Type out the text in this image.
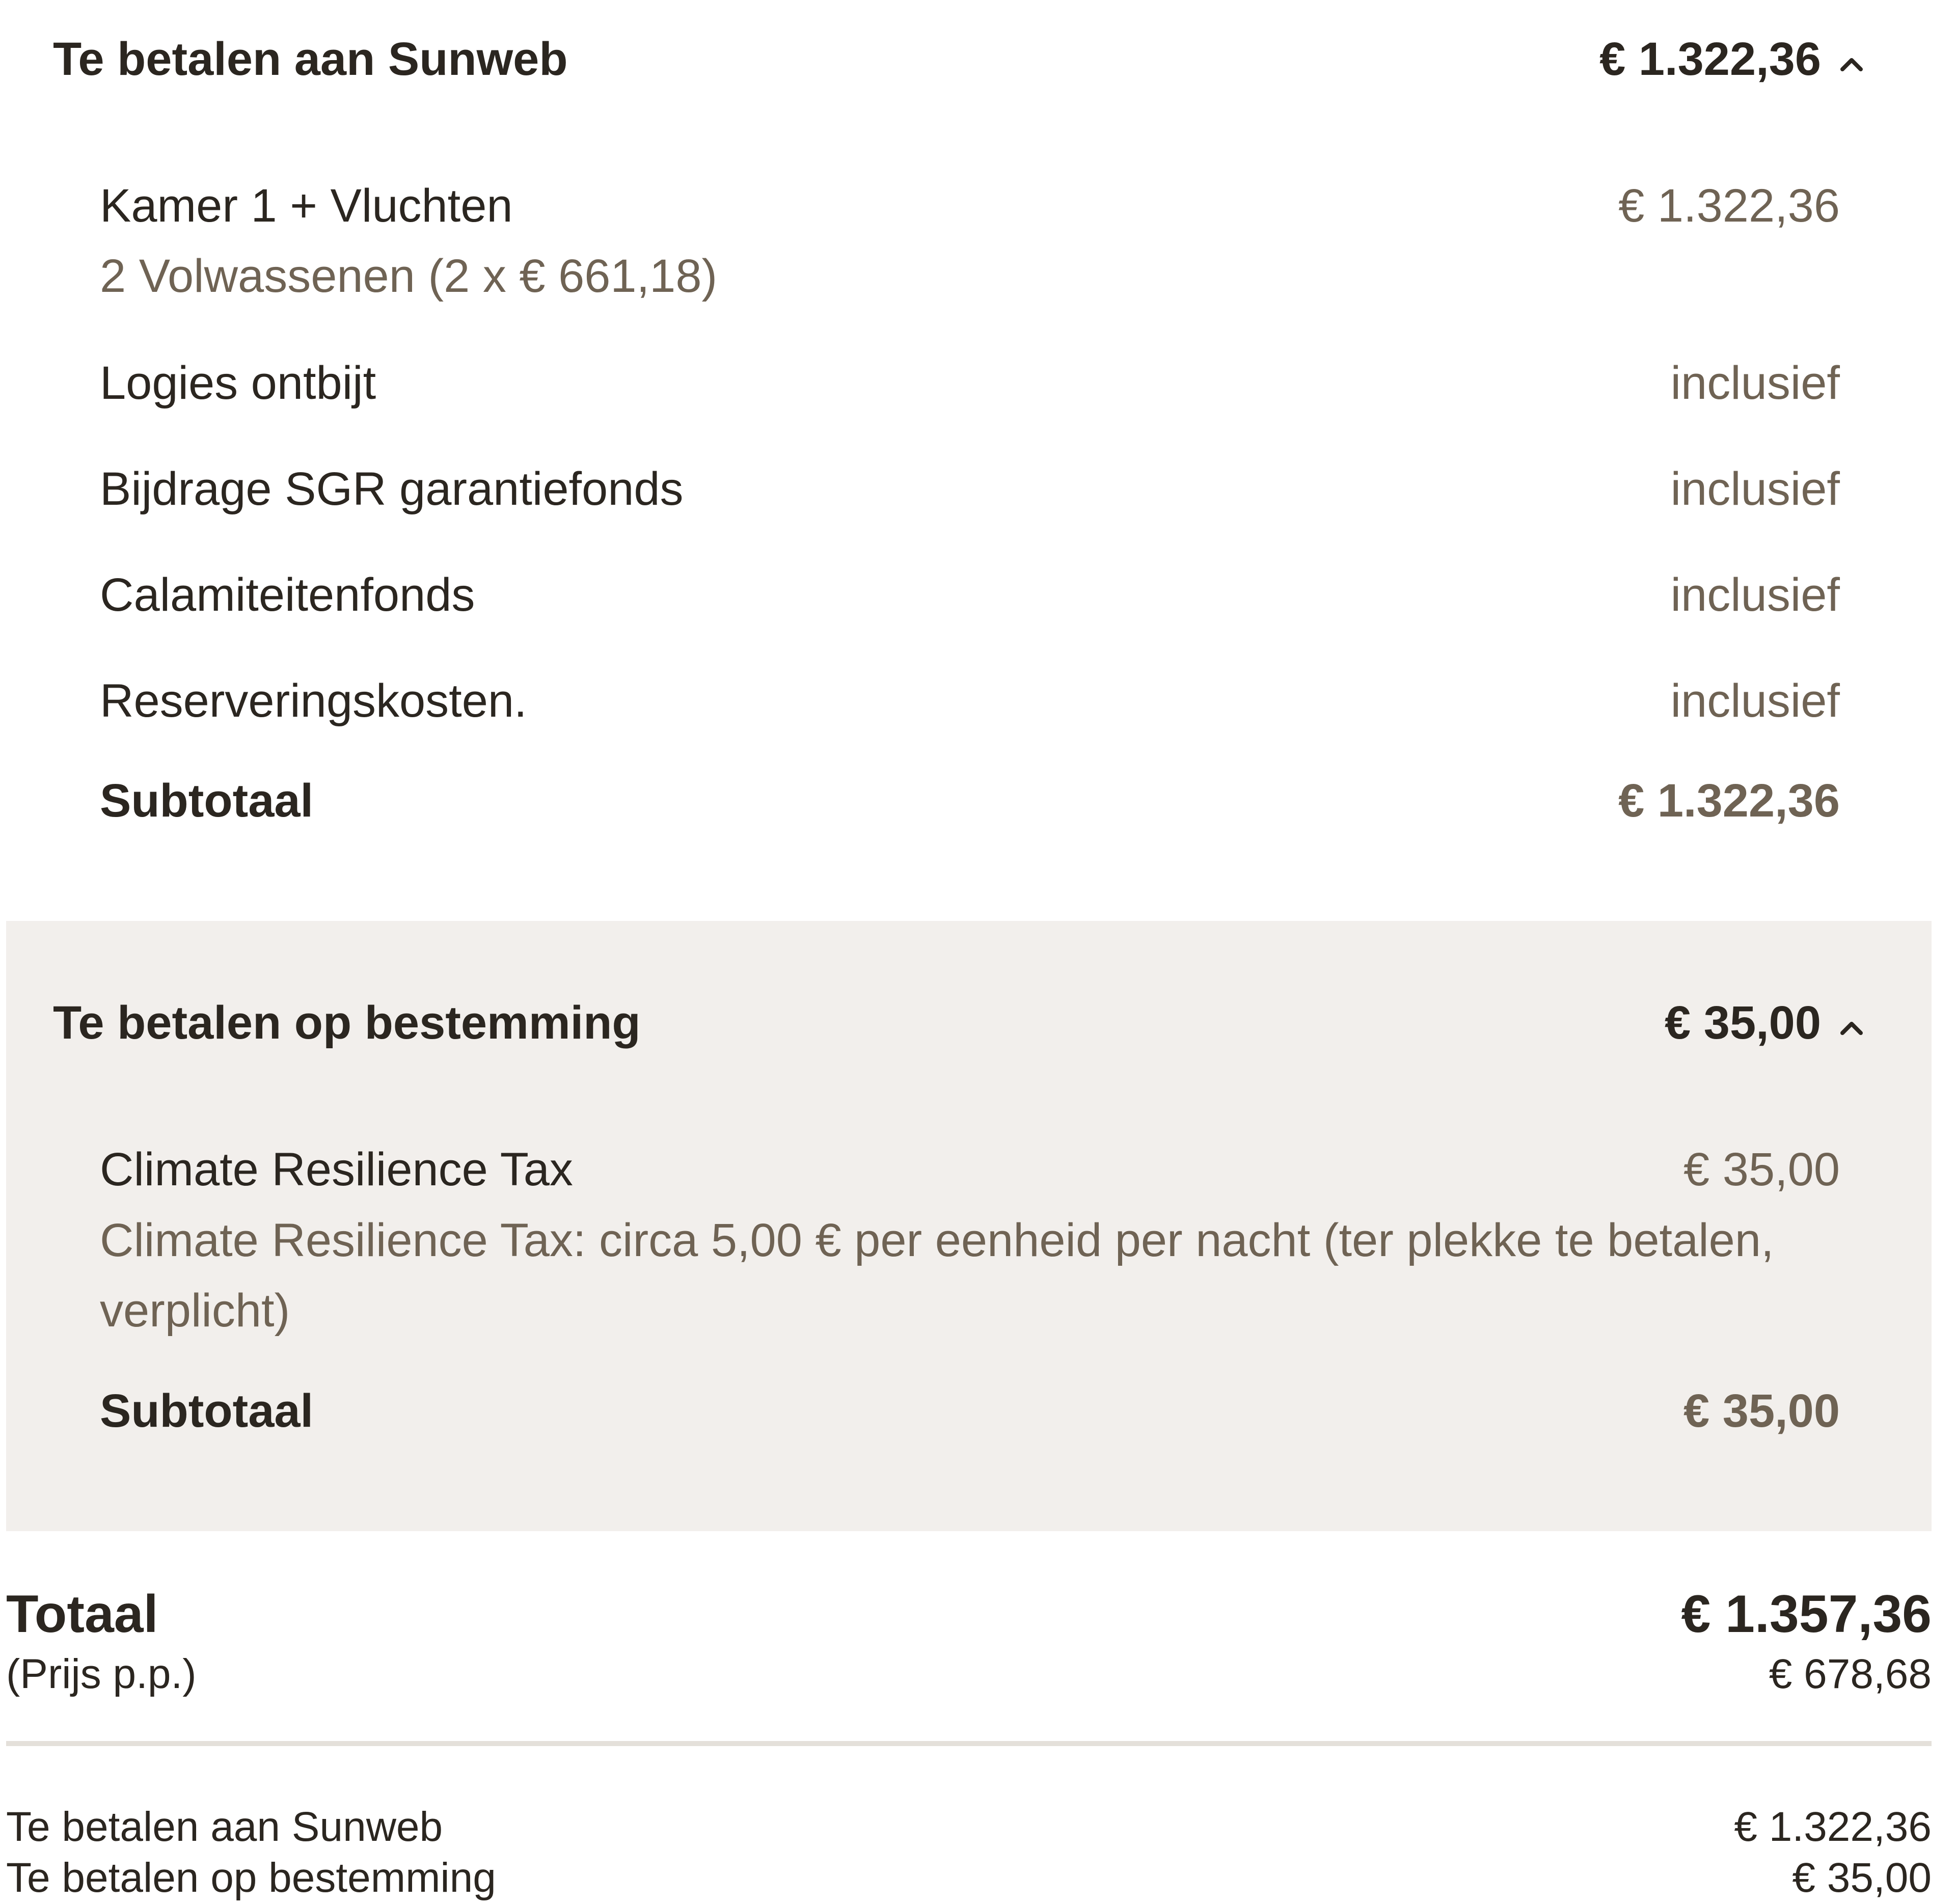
Te betalen aan Sunweb	€ 1.322,36
Kamer 1 + Vluchten	€ 1.322,36
2 Volwassenen (2 x € 661,18)
Logies ontbijt	inclusief
Bijdrage SGR garantiefonds	inclusief
Calamiteitenfonds	inclusief
Reserveringskosten.	inclusief
Subtotaal	€ 1.322,36
Te betalen op bestemming	€ 35,00
Climate Resilience Tax	€ 35,00
Climate Resilience Tax: circa 5,00 € per eenheid per nacht (ter plekke te betalen, verplicht)
Subtotaal	€ 35,00
Totaal	€ 1.357,36
(Prijs p.p.)	€ 678,68
Te betalen aan Sunweb	€ 1.322,36
Te betalen op bestemming	€ 35,00
